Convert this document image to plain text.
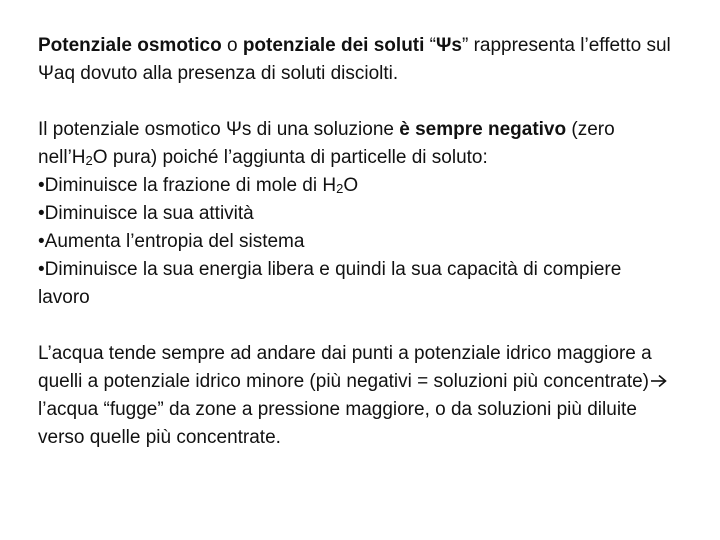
Potenziale osmotico o potenziale dei soluti “Ψs” rappresenta l’effetto sul Ψaq dovuto alla presenza di soluti disciolti.

Il potenziale osmotico Ψs di una soluzione è sempre negativo (zero $nell’H_2O$ pura) poiché l’aggiunta di particelle di soluto:

•Diminuisce la frazione di mole di $H_2O$
•Diminuisce la sua attività
•Aumenta l’entropia del sistema
•Diminuisce la sua energia libera e quindi la sua capacità di compiere lavoro

L’acqua tende sempre ad andare dai punti a potenziale idrico maggiore a quelli a potenziale idrico minore (più negativi = soluzioni più concentrate) l’acqua “fugge” da zone a pressione maggiore, o da soluzioni più diluite verso quelle più concentrate.
